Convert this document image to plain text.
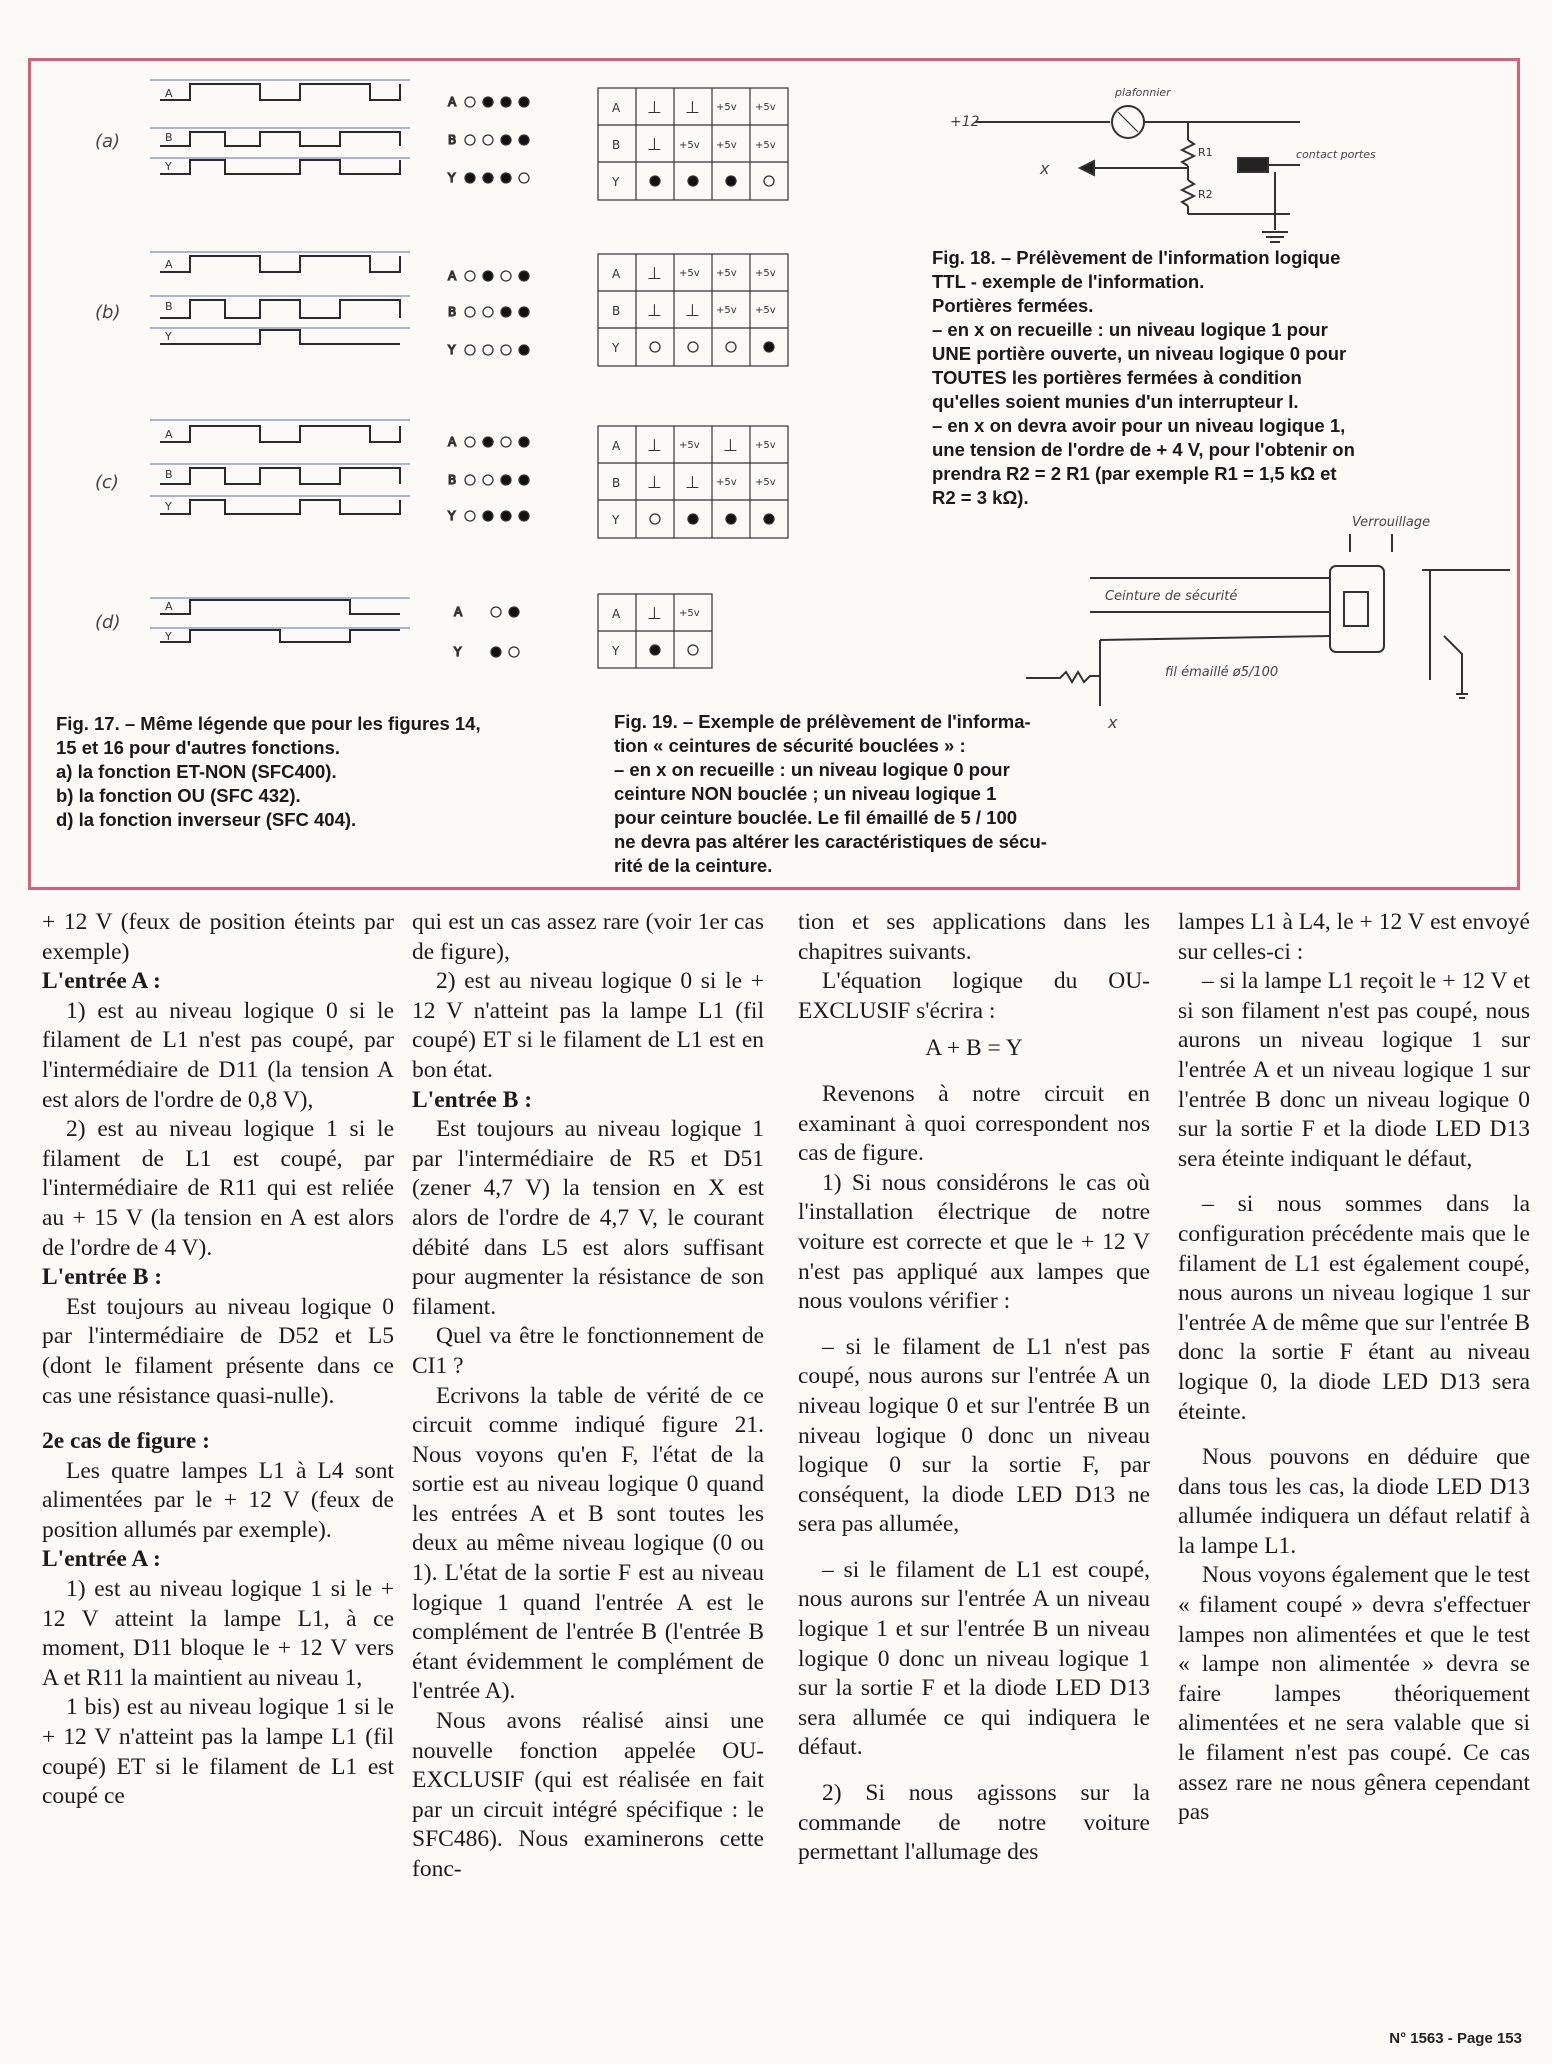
(a)
(b)
(c)
(d)
A
B
Y
A
B
Y
A
B
Y
A
Y
A
B
Y
A
B
Y
A
B
Y
A
Y
A
B
Y
⊥ ⊥ +5v +5v
⊥ +5v +5v +5v
A
B
Y
⊥ +5v +5v +5v
⊥ ⊥ +5v +5v
A
B
Y
⊥ +5v ⊥ +5v
⊥ ⊥ +5v +5v
A
Y
⊥ +5v
+12
plafonnier
R1
R2
x
contact portes
Verrouillage
Ceinture de sécurité
fil émaillé ø5/100
x
Fig. 17. – Même légende que pour les figures 14,
15 et 16 pour d'autres fonctions.
a) la fonction ET-NON (SFC400).
b) la fonction OU (SFC 432).
d) la fonction inverseur (SFC 404).
Fig. 18. – Prélèvement de l'information logique
TTL - exemple de l'information.
Portières fermées.
– en x on recueille : un niveau logique 1 pour
UNE portière ouverte, un niveau logique 0 pour
TOUTES les portières fermées à condition
qu'elles soient munies d'un interrupteur I.
– en x on devra avoir pour un niveau logique 1,
une tension de l'ordre de + 4 V, pour l'obtenir on
prendra R2 = 2 R1 (par exemple R1 = 1,5 kΩ et
R2 = 3 kΩ).
Fig. 19. – Exemple de prélèvement de l'informa-
tion « ceintures de sécurité bouclées » :
– en x on recueille : un niveau logique 0 pour
ceinture NON bouclée ; un niveau logique 1
pour ceinture bouclée. Le fil émaillé de 5 / 100
ne devra pas altérer les caractéristiques de sécu-
rité de la ceinture.

+ 12 V (feux de position éteints par exemple)

L'entrée A :

1) est au niveau logique 0 si le filament de L1 n'est pas coupé, par l'intermédiaire de D11 (la tension A est alors de l'ordre de 0,8 V),

2) est au niveau logique 1 si le filament de L1 est coupé, par l'intermédiaire de R11 qui est reliée au + 15 V (la tension en A est alors de l'ordre de 4 V).

L'entrée B :

Est toujours au niveau logique 0 par l'intermédiaire de D52 et L5 (dont le filament présente dans ce cas une résistance quasi-nulle).

2e cas de figure :

Les quatre lampes L1 à L4 sont alimentées par le + 12 V (feux de position allumés par exemple).

L'entrée A :

1) est au niveau logique 1 si le + 12 V atteint la lampe L1, à ce moment, D11 bloque le + 12 V vers A et R11 la maintient au niveau 1,

1 bis) est au niveau logique 1 si le + 12 V n'atteint pas la lampe L1 (fil coupé) ET si le filament de L1 est coupé ce

qui est un cas assez rare (voir 1er cas de figure),

2) est au niveau logique 0 si le + 12 V n'atteint pas la lampe L1 (fil coupé) ET si le filament de L1 est en bon état.

L'entrée B :

Est toujours au niveau logique 1 par l'intermédiaire de R5 et D51 (zener 4,7 V) la tension en X est alors de l'ordre de 4,7 V, le courant débité dans L5 est alors suffisant pour augmenter la résistance de son filament.

Quel va être le fonctionnement de CI1 ?

Ecrivons la table de vérité de ce circuit comme indiqué figure 21. Nous voyons qu'en F, l'état de la sortie est au niveau logique 0 quand les entrées A et B sont toutes les deux au même niveau logique (0 ou 1). L'état de la sortie F est au niveau logique 1 quand l'entrée A est le complément de l'entrée B (l'entrée B étant évidemment le complément de l'entrée A).

Nous avons réalisé ainsi une nouvelle fonction appelée OU-EXCLUSIF (qui est réalisée en fait par un circuit intégré spécifique : le SFC486). Nous examinerons cette fonc-

tion et ses applications dans les chapitres suivants.

L'équation logique du OU-EXCLUSIF s'écrira :

A + B = Y

Revenons à notre circuit en examinant à quoi correspondent nos cas de figure.

1) Si nous considérons le cas où l'installation électrique de notre voiture est correcte et que le + 12 V n'est pas appliqué aux lampes que nous voulons vérifier :

– si le filament de L1 n'est pas coupé, nous aurons sur l'entrée A un niveau logique 0 et sur l'entrée B un niveau logique 0 donc un niveau logique 0 sur la sortie F, par conséquent, la diode LED D13 ne sera pas allumée,

– si le filament de L1 est coupé, nous aurons sur l'entrée A un niveau logique 1 et sur l'entrée B un niveau logique 0 donc un niveau logique 1 sur la sortie F et la diode LED D13 sera allumée ce qui indiquera le défaut.

2) Si nous agissons sur la commande de notre voiture permettant l'allumage des

lampes L1 à L4, le + 12 V est envoyé sur celles-ci :

– si la lampe L1 reçoit le + 12 V et si son filament n'est pas coupé, nous aurons un niveau logique 1 sur l'entrée A et un niveau logique 1 sur l'entrée B donc un niveau logique 0 sur la sortie F et la diode LED D13 sera éteinte indiquant le défaut,

– si nous sommes dans la configuration précédente mais que le filament de L1 est également coupé, nous aurons un niveau logique 1 sur l'entrée A de même que sur l'entrée B donc la sortie F étant au niveau logique 0, la diode LED D13 sera éteinte.

Nous pouvons en déduire que dans tous les cas, la diode LED D13 allumée indiquera un défaut relatif à la lampe L1.

Nous voyons également que le test « filament coupé » devra s'effectuer lampes non alimentées et que le test « lampe non alimentée » devra se faire lampes théoriquement alimentées et ne sera valable que si le filament n'est pas coupé. Ce cas assez rare ne nous gênera cependant pas

N° 1563 - Page 153
